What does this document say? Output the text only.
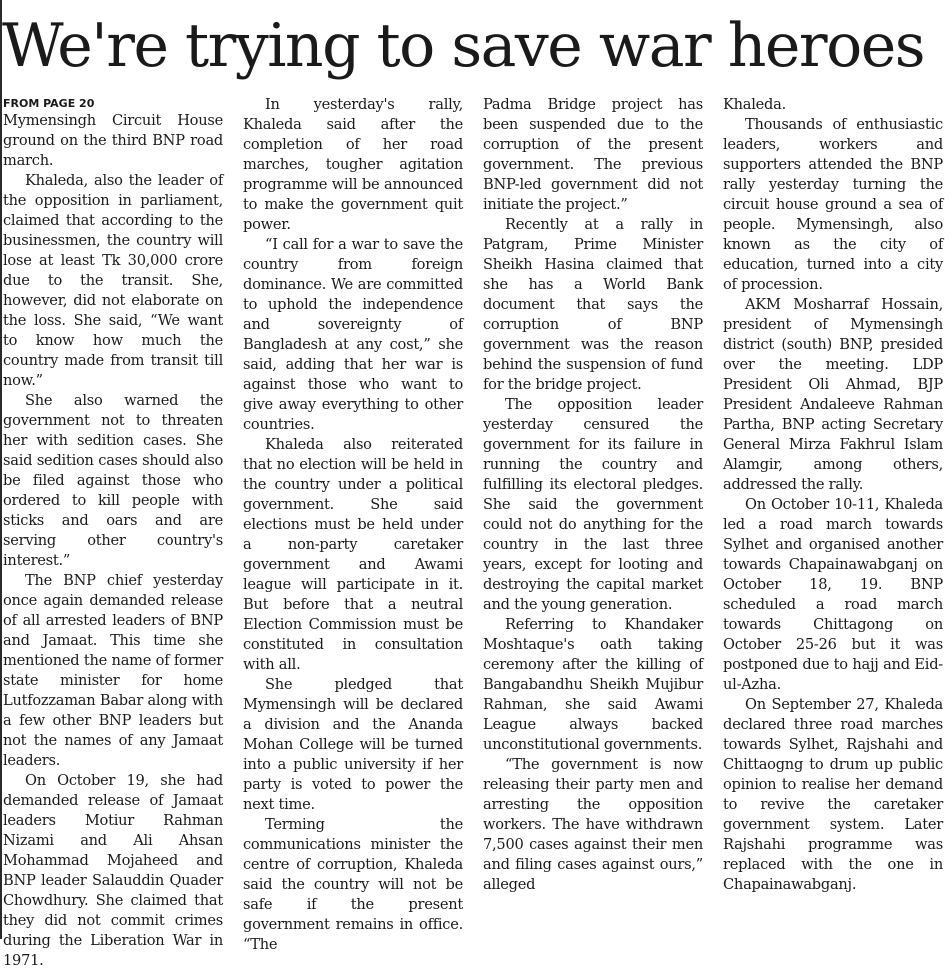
We're trying to save war heroes
FROM PAGE 20

Mymensingh Circuit House ground on the third BNP road march.

Khaleda, also the leader of the opposition in parliament, claimed that according to the businessmen, the country will lose at least Tk 30,000 crore due to the transit. She, however, did not elaborate on the loss. She said, “We want to know how much the country made from transit till now.”

She also warned the government not to threaten her with sedition cases. She said sedition cases should also be filed against those who ordered to kill people with sticks and oars and are serving other country's interest.”

The BNP chief yesterday once again demanded release of all arrested leaders of BNP and Jamaat. This time she mentioned the name of former state minister for home Lutfozzaman Babar along with a few other BNP leaders but not the names of any Jamaat leaders.

On October 19, she had demanded release of Jamaat leaders Motiur Rahman Nizami and Ali Ahsan Mohammad Mojaheed and BNP leader Salauddin Quader Chowdhury. She claimed that they did not commit crimes during the Liberation War in 1971.

In yesterday's rally, Khaleda said after the completion of her road marches, tougher agitation programme will be announced to make the government quit power.

“I call for a war to save the country from foreign dominance. We are committed to uphold the independence and sovereignty of Bangladesh at any cost,” she said, adding that her war is against those who want to give away everything to other countries.

Khaleda also reiterated that no election will be held in the country under a political government. She said elections must be held under a non-party caretaker government and Awami league will participate in it. But before that a neutral Election Commission must be constituted in consultation with all.

She pledged that Mymensingh will be declared a division and the Ananda Mohan College will be turned into a public university if her party is voted to power the next time.

Terming the communications minister the centre of corruption, Khaleda said the country will not be safe if the present government remains in office. “The

Padma Bridge project has been suspended due to the corruption of the present government. The previous BNP-led government did not initiate the project.”

Recently at a rally in Patgram, Prime Minister Sheikh Hasina claimed that she has a World Bank document that says the corruption of BNP government was the reason behind the suspension of fund for the bridge project.

The opposition leader yesterday censured the government for its failure in running the country and fulfilling its electoral pledges. She said the government could not do anything for the country in the last three years, except for looting and destroying the capital market and the young generation.

Referring to Khandaker Moshtaque's oath taking ceremony after the killing of Bangabandhu Sheikh Mujibur Rahman, she said Awami League always backed unconstitutional governments.

“The government is now releasing their party men and arresting the opposition workers. The have withdrawn 7,500 cases against their men and filing cases against ours,” alleged

Khaleda.

Thousands of enthusiastic leaders, workers and supporters attended the BNP rally yesterday turning the circuit house ground a sea of people. Mymensingh, also known as the city of education, turned into a city of procession.

AKM Mosharraf Hossain, president of Mymensingh district (south) BNP, presided over the meeting. LDP President Oli Ahmad, BJP President Andaleeve Rahman Partha, BNP acting Secretary General Mirza Fakhrul Islam Alamgir, among others, addressed the rally.

On October 10-11, Khaleda led a road march towards Sylhet and organised another towards Chapainawabganj on October 18, 19. BNP scheduled a road march towards Chittagong on October 25-26 but it was postponed due to hajj and Eid-ul-Azha.

On September 27, Khaleda declared three road marches towards Sylhet, Rajshahi and Chittaogng to drum up public opinion to realise her demand to revive the caretaker government system. Later Rajshahi programme was replaced with the one in Chapainawabganj.
